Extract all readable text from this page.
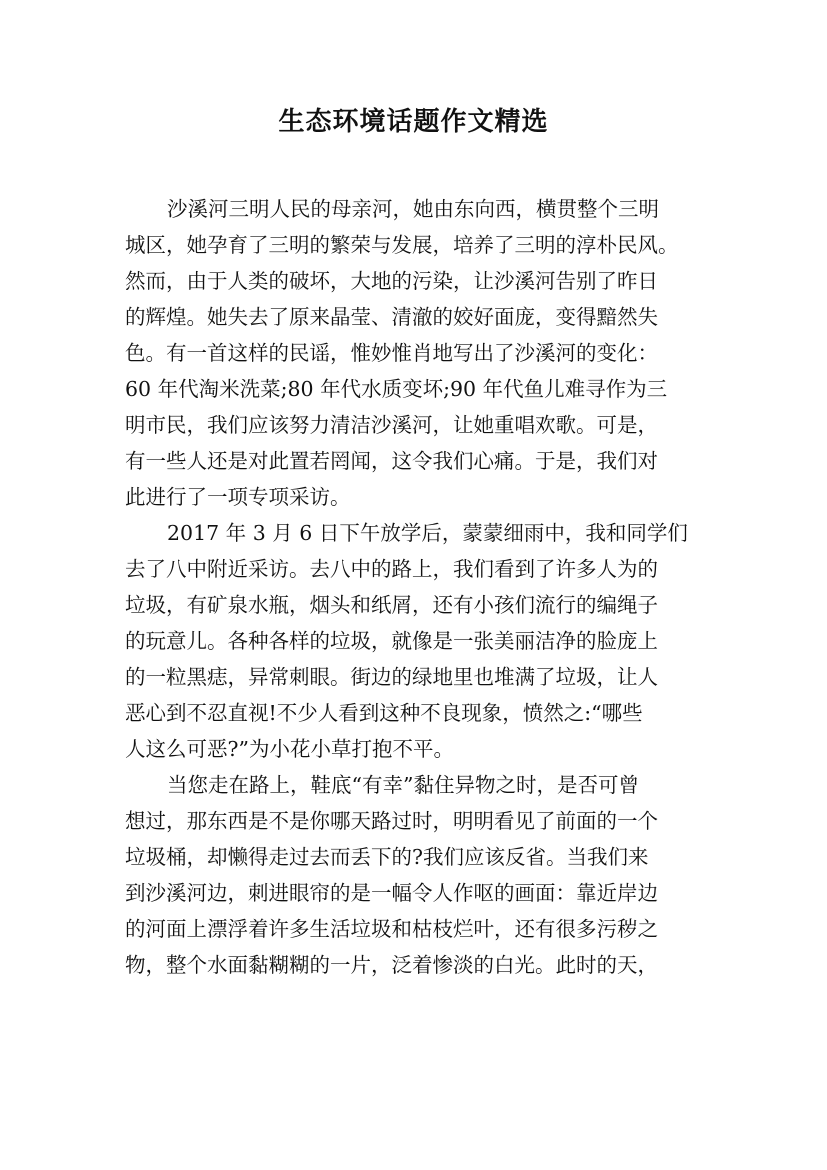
生态环境话题作文精选
沙溪河三明人民的母亲河，她由东向西，横贯整个三明
城区，她孕育了三明的繁荣与发展，培养了三明的淳朴民风。
然而，由于人类的破坏，大地的污染，让沙溪河告别了昨日
的辉煌。她失去了原来晶莹、清澈的姣好面庞，变得黯然失
色。有一首这样的民谣，惟妙惟肖地写出了沙溪河的变化：
60 年代淘米洗菜;80 年代水质变坏;90 年代鱼儿难寻作为三
明市民，我们应该努力清洁沙溪河，让她重唱欢歌。可是，
有一些人还是对此置若罔闻，这令我们心痛。于是，我们对
此进行了一项专项采访。
2017 年 3 月 6 日下午放学后，蒙蒙细雨中，我和同学们
去了八中附近采访。去八中的路上，我们看到了许多人为的
垃圾，有矿泉水瓶，烟头和纸屑，还有小孩们流行的编绳子
的玩意儿。各种各样的垃圾，就像是一张美丽洁净的脸庞上
的一粒黑痣，异常刺眼。街边的绿地里也堆满了垃圾，让人
恶心到不忍直视!不少人看到这种不良现象，愤然之:“哪些
人这么可恶?”为小花小草打抱不平。
当您走在路上，鞋底“有幸”黏住异物之时，是否可曾
想过，那东西是不是你哪天路过时，明明看见了前面的一个
垃圾桶，却懒得走过去而丢下的?我们应该反省。当我们来
到沙溪河边，刺进眼帘的是一幅令人作呕的画面：靠近岸边
的河面上漂浮着许多生活垃圾和枯枝烂叶，还有很多污秽之
物，整个水面黏糊糊的一片，泛着惨淡的白光。此时的天，
